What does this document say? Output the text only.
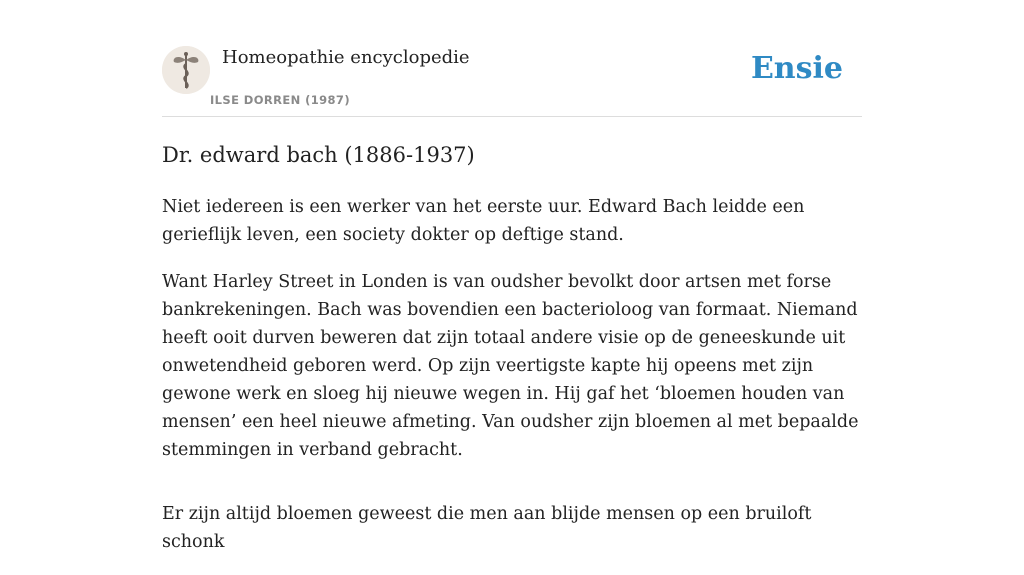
Homeopathie encyclopedie
ILSE DORREN (1987)
Ensie
Dr. edward bach (1886-1937)

Niet iedereen is een werker van het eerste uur. Edward Bach leidde een gerieflijk leven, een society dokter op deftige stand.

Want Harley Street in Londen is van oudsher bevolkt door artsen met forse bankrekeningen. Bach was bovendien een bacterioloog van formaat. Niemand heeft ooit durven beweren dat zijn totaal andere visie op de geneeskunde uit onwetendheid geboren werd. Op zijn veertigste kapte hij opeens met zijn gewone werk en sloeg hij nieuwe wegen in. Hij gaf het ‘bloemen houden van mensen’ een heel nieuwe afmeting. Van oudsher zijn bloemen al met bepaalde stemmingen in verband gebracht.

Er zijn altijd bloemen geweest die men aan blijde mensen op een bruiloft schonk
